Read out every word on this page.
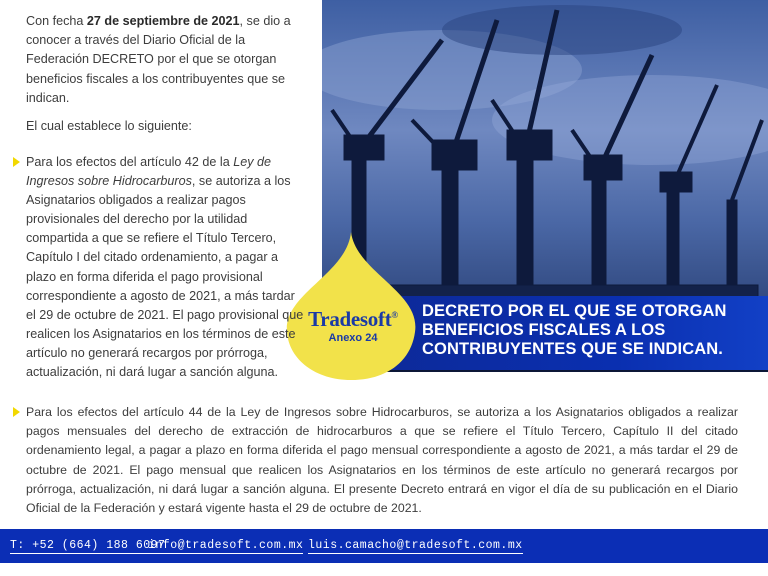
DECRETO POR EL QUE SE OTORGAN BENEFICIOS FISCALES A LOS CONTRIBUYENTES QUE SE INDICAN.
Tradesoft®
Anexo 24
Con fecha 27 de septiembre de 2021, se dio a conocer a través del Diario Oficial de la Federación DECRETO por el que se otorgan beneficios fiscales a los contribuyentes que se indican.
El cual establece lo siguiente:
Para los efectos del artículo 42 de la Ley de Ingresos sobre Hidrocarburos, se autoriza a los Asignatarios obligados a realizar pagos provisionales del derecho por la utilidad compartida a que se refiere el Título Tercero, Capítulo I del citado ordenamiento, a pagar a plazo en forma diferida el pago provisional correspondiente a agosto de 2021, a más tardar el 29 de octubre de 2021. El pago provisional que realicen los Asignatarios en los términos de este artículo no generará recargos por prórroga, actualización, ni dará lugar a sanción alguna.
Para los efectos del artículo 44 de la Ley de Ingresos sobre Hidrocarburos, se autoriza a los Asignatarios obligados a realizar pagos mensuales del derecho de extracción de hidrocarburos a que se refiere el Título Tercero, Capítulo II del citado ordenamiento legal, a pagar a plazo en forma diferida el pago mensual correspondiente a agosto de 2021, a más tardar el 29 de octubre de 2021. El pago mensual que realicen los Asignatarios en los términos de este artículo no generará recargos por prórroga, actualización, ni dará lugar a sanción alguna. El presente Decreto entrará en vigor el día de su publicación en el Diario Oficial de la Federación y estará vigente hasta el 29 de octubre de 2021.
T: +52 (664) 188 6097
info@tradesoft.com.mx luis.camacho@tradesoft.com.mx
